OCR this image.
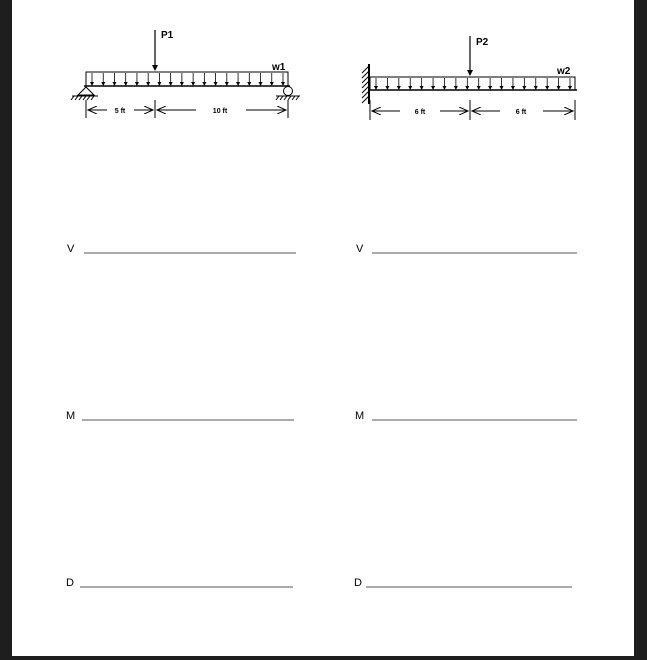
P1
w1
5 ft	10 ft
P2
w2
6 ft	6 ft
V	V
M	M
D	D
